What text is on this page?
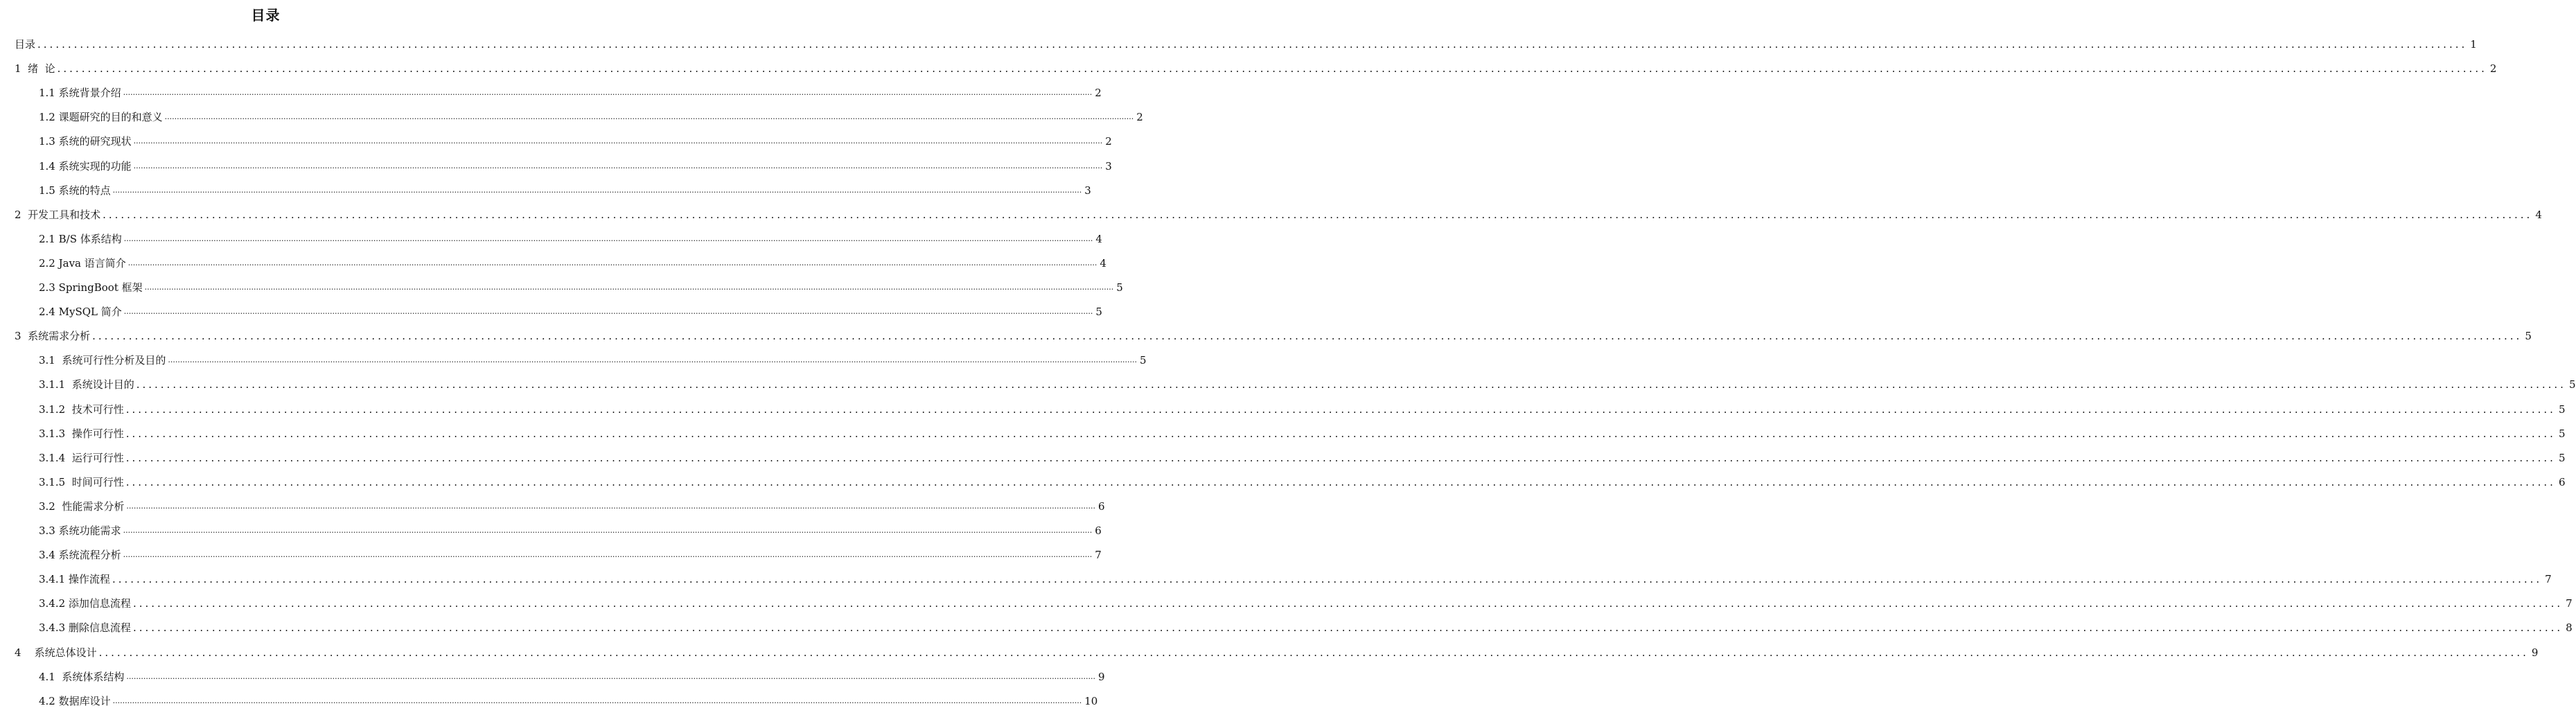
目录
目录 ................................................................................................................................................................................................................................................................................................................................................................................................................ 1
1  绪  论 ................................................................................................................................................................................................................................................................................................................................................................................................................ 2
1.1 系统背景介绍 ................................................................................................................................................................................................................................................................................................................................................................................................................ 2
1.2 课题研究的目的和意义 ................................................................................................................................................................................................................................................................................................................................................................................................................ 2
1.3 系统的研究现状 ................................................................................................................................................................................................................................................................................................................................................................................................................ 2
1.4 系统实现的功能 ................................................................................................................................................................................................................................................................................................................................................................................................................ 3
1.5 系统的特点 ................................................................................................................................................................................................................................................................................................................................................................................................................ 3
2  开发工具和技术 ................................................................................................................................................................................................................................................................................................................................................................................................................ 4
2.1 B/S 体系结构 ................................................................................................................................................................................................................................................................................................................................................................................................................ 4
2.2 Java 语言简介 ................................................................................................................................................................................................................................................................................................................................................................................................................ 4
2.3 SpringBoot 框架 ................................................................................................................................................................................................................................................................................................................................................................................................................ 5
2.4 MySQL 简介 ................................................................................................................................................................................................................................................................................................................................................................................................................ 5
3  系统需求分析 ................................................................................................................................................................................................................................................................................................................................................................................................................ 5
3.1  系统可行性分析及目的 ................................................................................................................................................................................................................................................................................................................................................................................................................ 5
3.1.1  系统设计目的 ................................................................................................................................................................................................................................................................................................................................................................................................................ 5
3.1.2  技术可行性 ................................................................................................................................................................................................................................................................................................................................................................................................................ 5
3.1.3  操作可行性 ................................................................................................................................................................................................................................................................................................................................................................................................................ 5
3.1.4  运行可行性 ................................................................................................................................................................................................................................................................................................................................................................................................................ 5
3.1.5  时间可行性 ................................................................................................................................................................................................................................................................................................................................................................................................................ 6
3.2  性能需求分析 ................................................................................................................................................................................................................................................................................................................................................................................................................ 6
3.3 系统功能需求 ................................................................................................................................................................................................................................................................................................................................................................................................................ 6
3.4 系统流程分析 ................................................................................................................................................................................................................................................................................................................................................................................................................ 7
3.4.1 操作流程 ................................................................................................................................................................................................................................................................................................................................................................................................................ 7
3.4.2 添加信息流程 ................................................................................................................................................................................................................................................................................................................................................................................................................ 7
3.4.3 删除信息流程 ................................................................................................................................................................................................................................................................................................................................................................................................................ 8
4    系统总体设计 ................................................................................................................................................................................................................................................................................................................................................................................................................ 9
4.1  系统体系结构 ................................................................................................................................................................................................................................................................................................................................................................................................................ 9
4.2 数据库设计 ................................................................................................................................................................................................................................................................................................................................................................................................................ 10
